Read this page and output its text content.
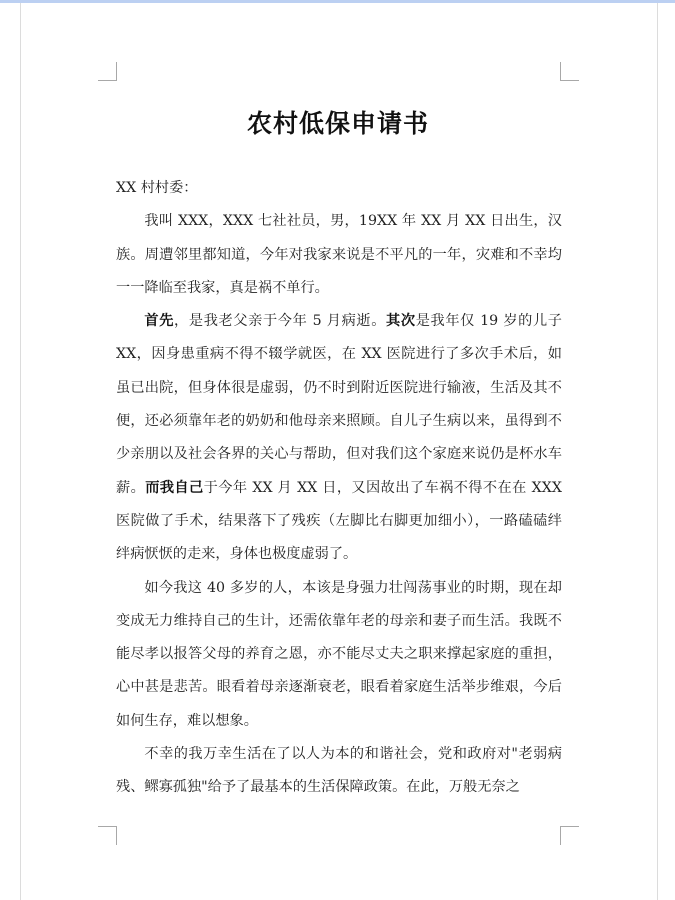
农村低保申请书

XX 村村委：

我叫 XXX，XXX 七社社员，男，19XX 年 XX 月 XX 日出生，汉族。周遭邻里都知道，今年对我家来说是不平凡的一年，灾难和不幸均一一降临至我家，真是祸不单行。

首先，是我老父亲于今年 5 月病逝。其次是我年仅 19 岁的儿子 XX，因身患重病不得不辍学就医，在 XX 医院进行了多次手术后，如虽已出院，但身体很是虚弱，仍不时到附近医院进行输液，生活及其不便，还必须靠年老的奶奶和他母亲来照顾。自儿子生病以来，虽得到不少亲朋以及社会各界的关心与帮助，但对我们这个家庭来说仍是杯水车薪。而我自己于今年 XX 月 XX 日，又因故出了车祸不得不在在 XXX 医院做了手术，结果落下了残疾（左脚比右脚更加细小），一路磕磕绊绊病恹恹的走来，身体也极度虚弱了。

如今我这 40 多岁的人，本该是身强力壮闯荡事业的时期，现在却变成无力维持自己的生计，还需依靠年老的母亲和妻子而生活。我既不能尽孝以报答父母的养育之恩，亦不能尽丈夫之职来撑起家庭的重担，心中甚是悲苦。眼看着母亲逐渐衰老，眼看着家庭生活举步维艰，今后如何生存，难以想象。

不幸的我万幸生活在了以人为本的和谐社会，党和政府对"老弱病残、鳏寡孤独"给予了最基本的生活保障政策。在此，万般无奈之
